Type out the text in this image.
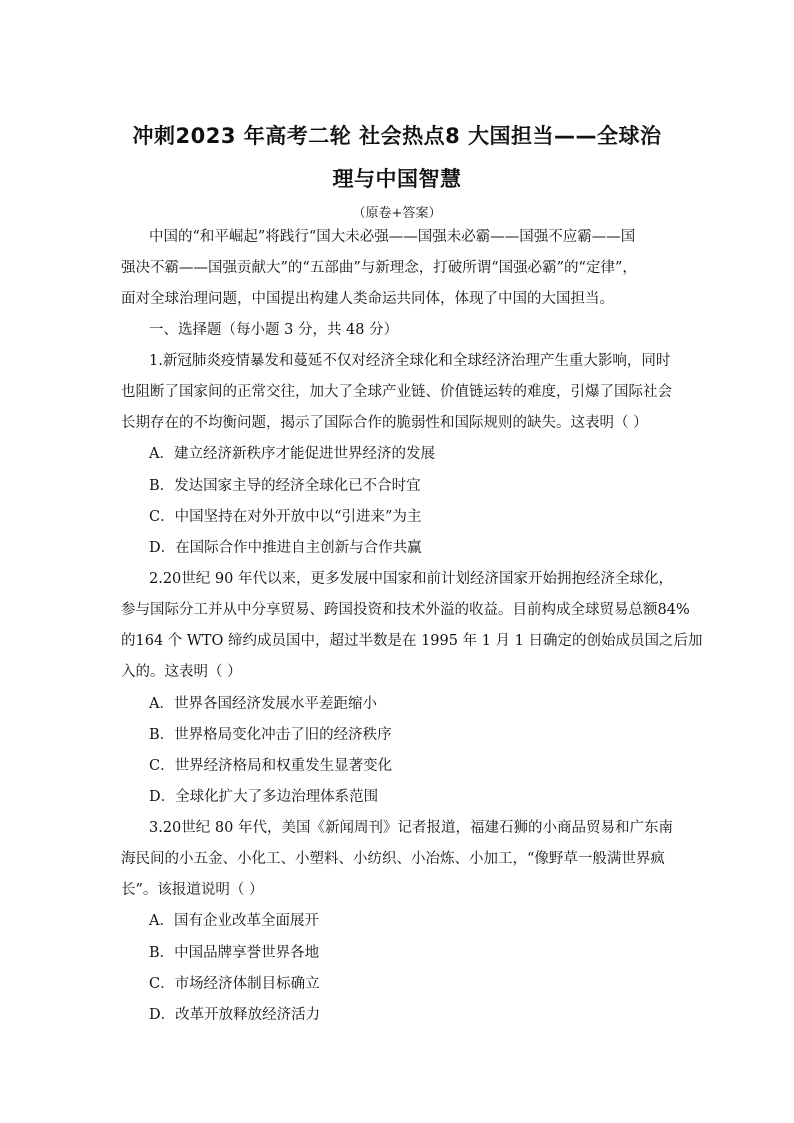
冲刺2023 年高考二轮 社会热点8 大国担当——全球治
理与中国智慧
（原卷+答案）
中国的“和平崛起”将践行“国大未必强——国强未必霸——国强不应霸——国
强决不霸——国强贡献大”的“五部曲”与新理念，打破所谓“国强必霸”的“定律”，
面对全球治理问题，中国提出构建人类命运共同体，体现了中国的大国担当。
一、选择题（每小题 3 分，共 48 分）
1.新冠肺炎疫情暴发和蔓延不仅对经济全球化和全球经济治理产生重大影响，同时
也阻断了国家间的正常交往，加大了全球产业链、价值链运转的难度，引爆了国际社会
长期存在的不均衡问题，揭示了国际合作的脆弱性和国际规则的缺失。这表明（ ）
A．建立经济新秩序才能促进世界经济的发展
B．发达国家主导的经济全球化已不合时宜
C．中国坚持在对外开放中以“引进来”为主
D．在国际合作中推进自主创新与合作共赢
2.20世纪 90 年代以来，更多发展中国家和前计划经济国家开始拥抱经济全球化，
参与国际分工并从中分享贸易、跨国投资和技术外溢的收益。目前构成全球贸易总额84%
的164 个 WTO 缔约成员国中，超过半数是在 1995 年 1 月 1 日确定的创始成员国之后加
入的。这表明（ ）
A．世界各国经济发展水平差距缩小
B．世界格局变化冲击了旧的经济秩序
C．世界经济格局和权重发生显著变化
D．全球化扩大了多边治理体系范围
3.20世纪 80 年代，美国《新闻周刊》记者报道，福建石狮的小商品贸易和广东南
海民间的小五金、小化工、小塑料、小纺织、小冶炼、小加工，“像野草一般满世界疯
长”。该报道说明（ ）
A．国有企业改革全面展开
B．中国品牌享誉世界各地
C．市场经济体制目标确立
D．改革开放释放经济活力
